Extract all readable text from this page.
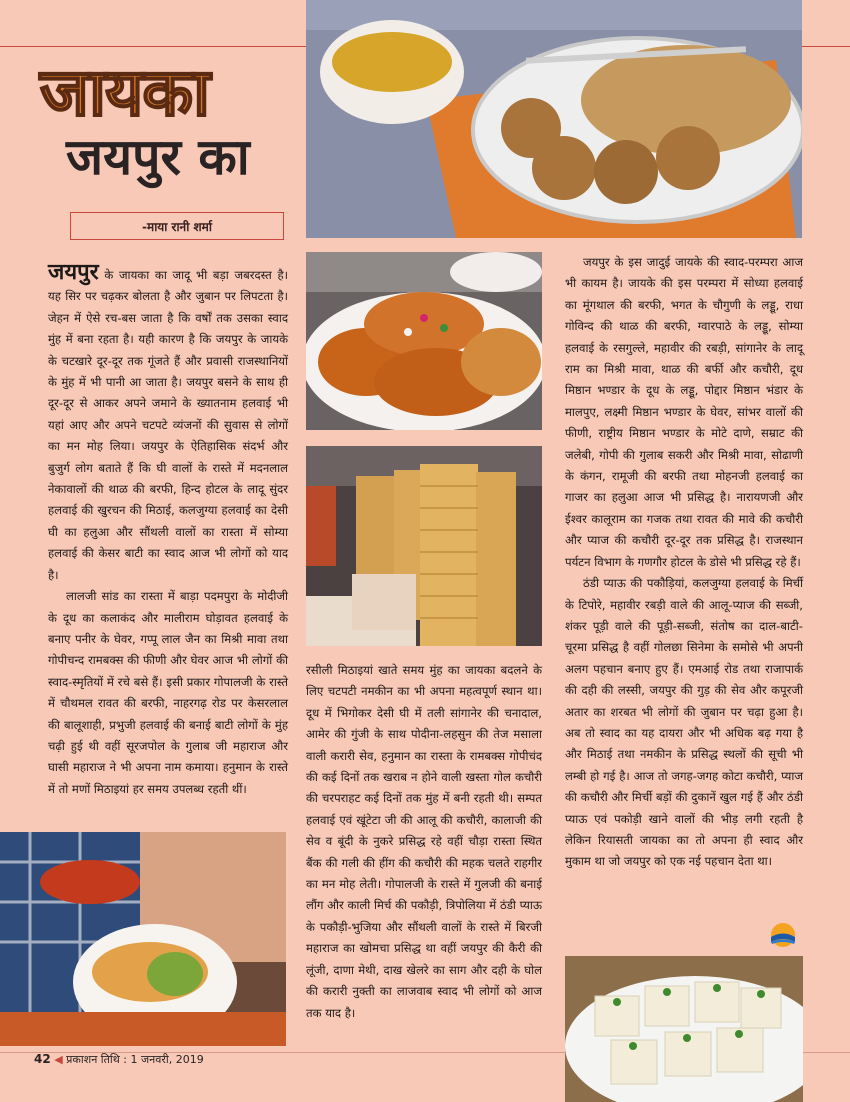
जायका
जयपुर का
-माया रानी शर्मा

जयपुर के जायका का जादू भी बड़ा जबरदस्त है। यह सिर पर चढ़कर बोलता है और जुबान पर लिपटता है। जेहन में ऐसे रच-बस जाता है कि वर्षों तक उसका स्वाद मुंह में बना रहता है। यही कारण है कि जयपुर के जायके के चटखारे दूर-दूर तक गूंजते हैं और प्रवासी राजस्थानियों के मुंह में भी पानी आ जाता है। जयपुर बसने के साथ ही दूर-दूर से आकर अपने जमाने के ख्यातनाम हलवाई भी यहां आए और अपने चटपटे व्यंजनों की सुवास से लोगों का मन मोह लिया। जयपुर के ऐतिहासिक संदर्भ और बुजुर्ग लोग बताते हैं कि घी वालों के रास्ते में मदनलाल नेकावालों की थाळ की बरफी, हिन्द होटल के लादू सुंदर हलवाई की खुरचन की मिठाई, कलजुग्या हलवाई का देसी घी का हलुआ और सौंथली वालों का रास्ता में सोम्या हलवाई की केसर बाटी का स्वाद आज भी लोगों को याद है।

लालजी सांड का रास्ता में बाड़ा पदमपुरा के मोदीजी के दूध का कलाकंद और मालीराम घोड़ावत हलवाई के बनाए पनीर के घेवर, गप्पू लाल जैन का मिश्री मावा तथा गोपीचन्द रामबक्स की फीणी और घेवर आज भी लोगों की स्वाद-स्मृतियों में रचे बसे हैं। इसी प्रकार गोपालजी के रास्ते में चौथमल रावत की बरफी, नाहरगढ़ रोड पर केसरलाल की बालूशाही, प्रभुजी हलवाई की बनाई बाटी लोगों के मुंह चढ़ी हुई थी वहीं सूरजपोल के गुलाब जी महाराज और घासी महाराज ने भी अपना नाम कमाया। हनुमान के रास्ते में तो मणों मिठाइयां हर समय उपलब्ध रहती थीं।

रसीली मिठाइयां खाते समय मुंह का जायका बदलने के लिए चटपटी नमकीन का भी अपना महत्वपूर्ण स्थान था। दूध में भिगोकर देसी घी में तली सांगानेर की चनादाल, आमेर की गुंजी के साथ पोदीना-लहसुन की तेज मसाला वाली करारी सेव, हनुमान का रास्ता के रामबक्स गोपीचंद की कई दिनों तक खराब न होने वाली खस्ता गोल कचौरी की चरपराहट कई दिनों तक मुंह में बनी रहती थी। सम्पत हलवाई एवं खूंटेटा जी की आलू की कचौरी, कालाजी की सेव व बूंदी के नुकरे प्रसिद्ध रहे वहीं चौड़ा रास्ता स्थित बैंक की गली की हींग की कचौरी की महक चलते राहगीर का मन मोह लेती। गोपालजी के रास्ते में गुलजी की बनाई लौंग और काली मिर्च की पकौड़ी, त्रिपोलिया में ठंडी प्याऊ के पकौड़ी-भुजिया और सौंथली वालों के रास्ते में बिरजी महाराज का खोमचा प्रसिद्ध था वहीं जयपुर की कैरी की लूंजी, दाणा मेथी, दाख खेलरे का साग और दही के घोल की करारी नुक्ती का लाजवाब स्वाद भी लोगों को आज तक याद है।

जयपुर के इस जादुई जायके की स्वाद-परम्परा आज भी कायम है। जायके की इस परम्परा में सोध्या हलवाई का मूंगथाल की बरफी, भगत के चौगुणी के लड्डू, राधा गोविन्द की थाळ की बरफी, ग्वारपाठे के लड्डू, सोम्या हलवाई के रसगुल्ले, महावीर की रबड़ी, सांगानेर के लादू राम का मिश्री मावा, थाळ की बर्फी और कचौरी, दूध मिष्ठान भण्डार के दूध के लड्डू, पोद्दार मिष्ठान भंडार के मालपुए, लक्ष्मी मिष्ठान भण्डार के घेवर, सांभर वालों की फीणी, राष्ट्रीय मिष्ठान भण्डार के मोटे दाणे, सम्राट की जलेबी, गोपी की गुलाब सकरी और मिश्री मावा, सोढाणी के कंगन, रामूजी की बरफी तथा मोहनजी हलवाई का गाजर का हलुआ आज भी प्रसिद्ध है। नारायणजी और ईश्वर कालूराम का गजक तथा रावत की मावे की कचौरी और प्याज की कचौरी दूर-दूर तक प्रसिद्ध है। राजस्थान पर्यटन विभाग के गणगौर होटल के डोसे भी प्रसिद्ध रहे हैं।

ठंडी प्याऊ की पकौड़ियां, कलजुग्या हलवाई के मिर्ची के टिपोरे, महावीर रबड़ी वाले की आलू-प्याज की सब्जी, शंकर पूड़ी वाले की पूड़ी-सब्जी, संतोष का दाल-बाटी-चूरमा प्रसिद्ध है वहीं गोलछा सिनेमा के समोसे भी अपनी अलग पहचान बनाए हुए हैं। एमआई रोड तथा राजापार्क की दही की लस्सी, जयपुर की गुड़ की सेव और कपूरजी अतार का शरबत भी लोगों की जुबान पर चढ़ा हुआ है। अब तो स्वाद का यह दायरा और भी अधिक बढ़ गया है और मिठाई तथा नमकीन के प्रसिद्ध स्थलों की सूची भी लम्बी हो गई है। आज तो जगह-जगह कोटा कचौरी, प्याज की कचौरी और मिर्ची बड़ों की दुकानें खुल गई हैं और ठंडी प्याऊ एवं पकोड़ी खाने वालों की भीड़ लगी रहती है लेकिन रियासती जायका का तो अपना ही स्वाद और मुकाम था जो जयपुर को एक नई पहचान देता था।

42 ◀ प्रकाशन तिथि : 1 जनवरी, 2019
